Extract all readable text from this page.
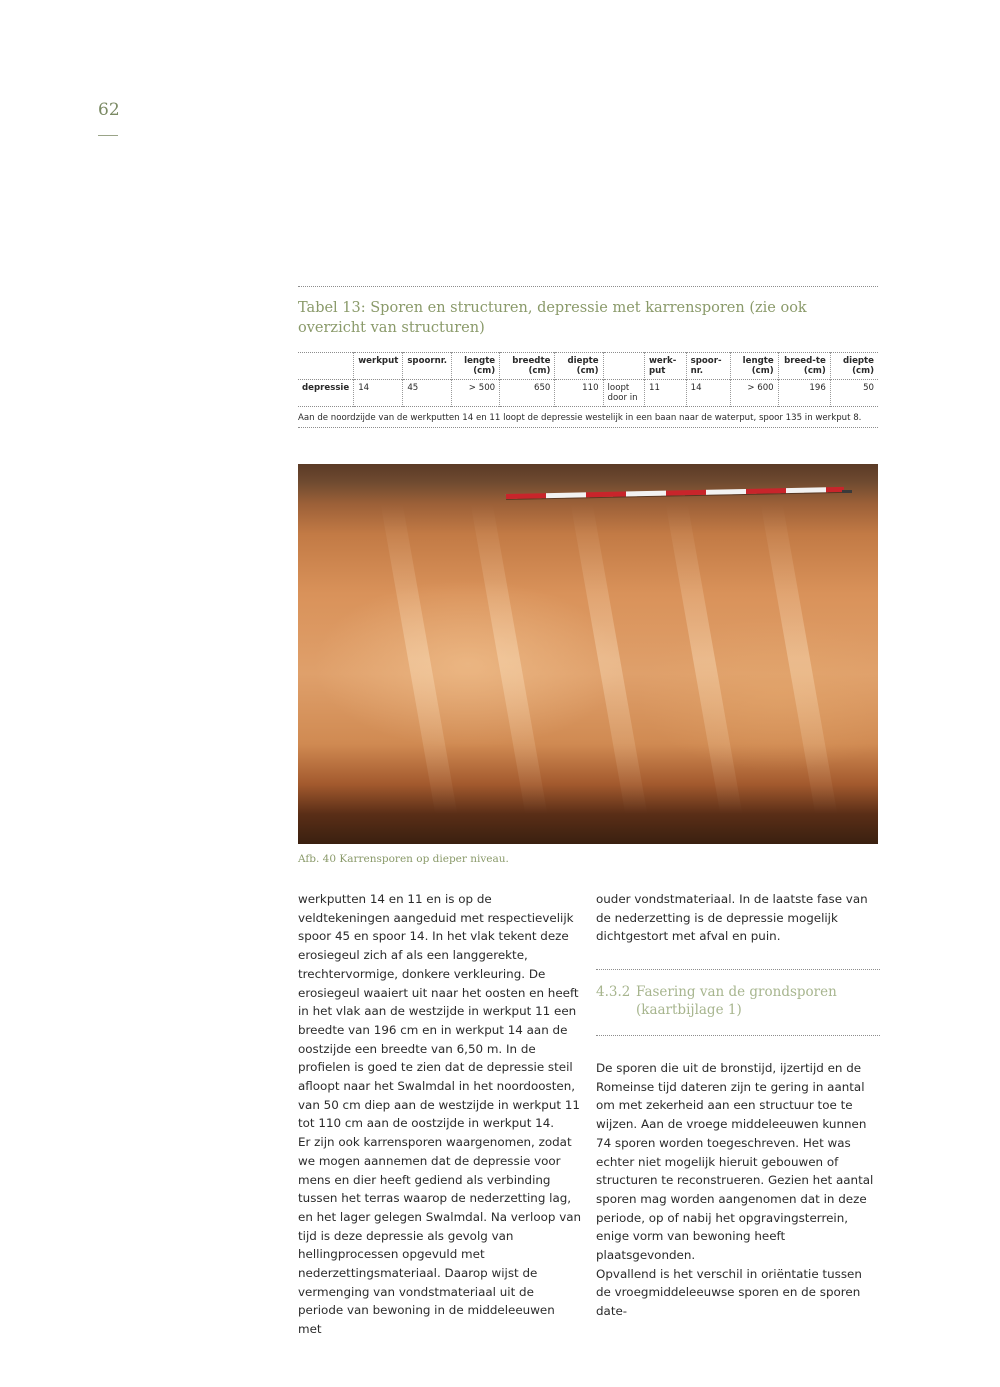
62
Tabel 13: Sporen en structuren, depressie met karrensporen (zie ook overzicht van structuren)
	werkput	spoornr.	lengte (cm)	breedte (cm)	diepte (cm)		werk-put	spoor-nr.	lengte (cm)	breed-te (cm)	diepte (cm)
depressie	14	45	> 500	650	110	loopt door in	11	14	> 600	196	50
Aan de noordzijde van de werkputten 14 en 11 loopt de depressie westelijk in een baan naar de waterput, spoor 135 in werkput 8.
Afb. 40 Karrensporen op dieper niveau.

werkputten 14 en 11 en is op de veldtekeningen aangeduid met respectievelijk spoor 45 en spoor 14. In het vlak tekent deze erosiegeul zich af als een langgerekte, trechtervormige, donkere verkleuring. De erosiegeul waaiert uit naar het oosten en heeft in het vlak aan de westzijde in werkput 11 een breedte van 196 cm en in werkput 14 aan de oostzijde een breedte van 6,50 m. In de profielen is goed te zien dat de depressie steil afloopt naar het Swalmdal in het noordoosten, van 50 cm diep aan de westzijde in werkput 11 tot 110 cm aan de oostzijde in werkput 14.

Er zijn ook karrensporen waargenomen, zodat we mogen aannemen dat de depressie voor mens en dier heeft gediend als verbinding tussen het terras waarop de nederzetting lag, en het lager gelegen Swalmdal. Na verloop van tijd is deze depressie als gevolg van hellingprocessen opgevuld met nederzettingsmateriaal. Daarop wijst de vermenging van vondstmateriaal uit de periode van bewoning in de middeleeuwen met

ouder vondstmateriaal. In de laatste fase van de nederzetting is de depressie mogelijk dichtgestort met afval en puin.

4.3.2 Fasering van de grondsporen (kaartbijlage 1)

De sporen die uit de bronstijd, ijzertijd en de Romeinse tijd dateren zijn te gering in aantal om met zekerheid aan een structuur toe te wijzen. Aan de vroege middeleeuwen kunnen 74 sporen worden toegeschreven. Het was echter niet mogelijk hieruit gebouwen of structuren te reconstrueren. Gezien het aantal sporen mag worden aangenomen dat in deze periode, op of nabij het opgravingsterrein, enige vorm van bewoning heeft plaatsgevonden.

Opvallend is het verschil in oriëntatie tussen de vroegmiddeleeuwse sporen en de sporen date-
